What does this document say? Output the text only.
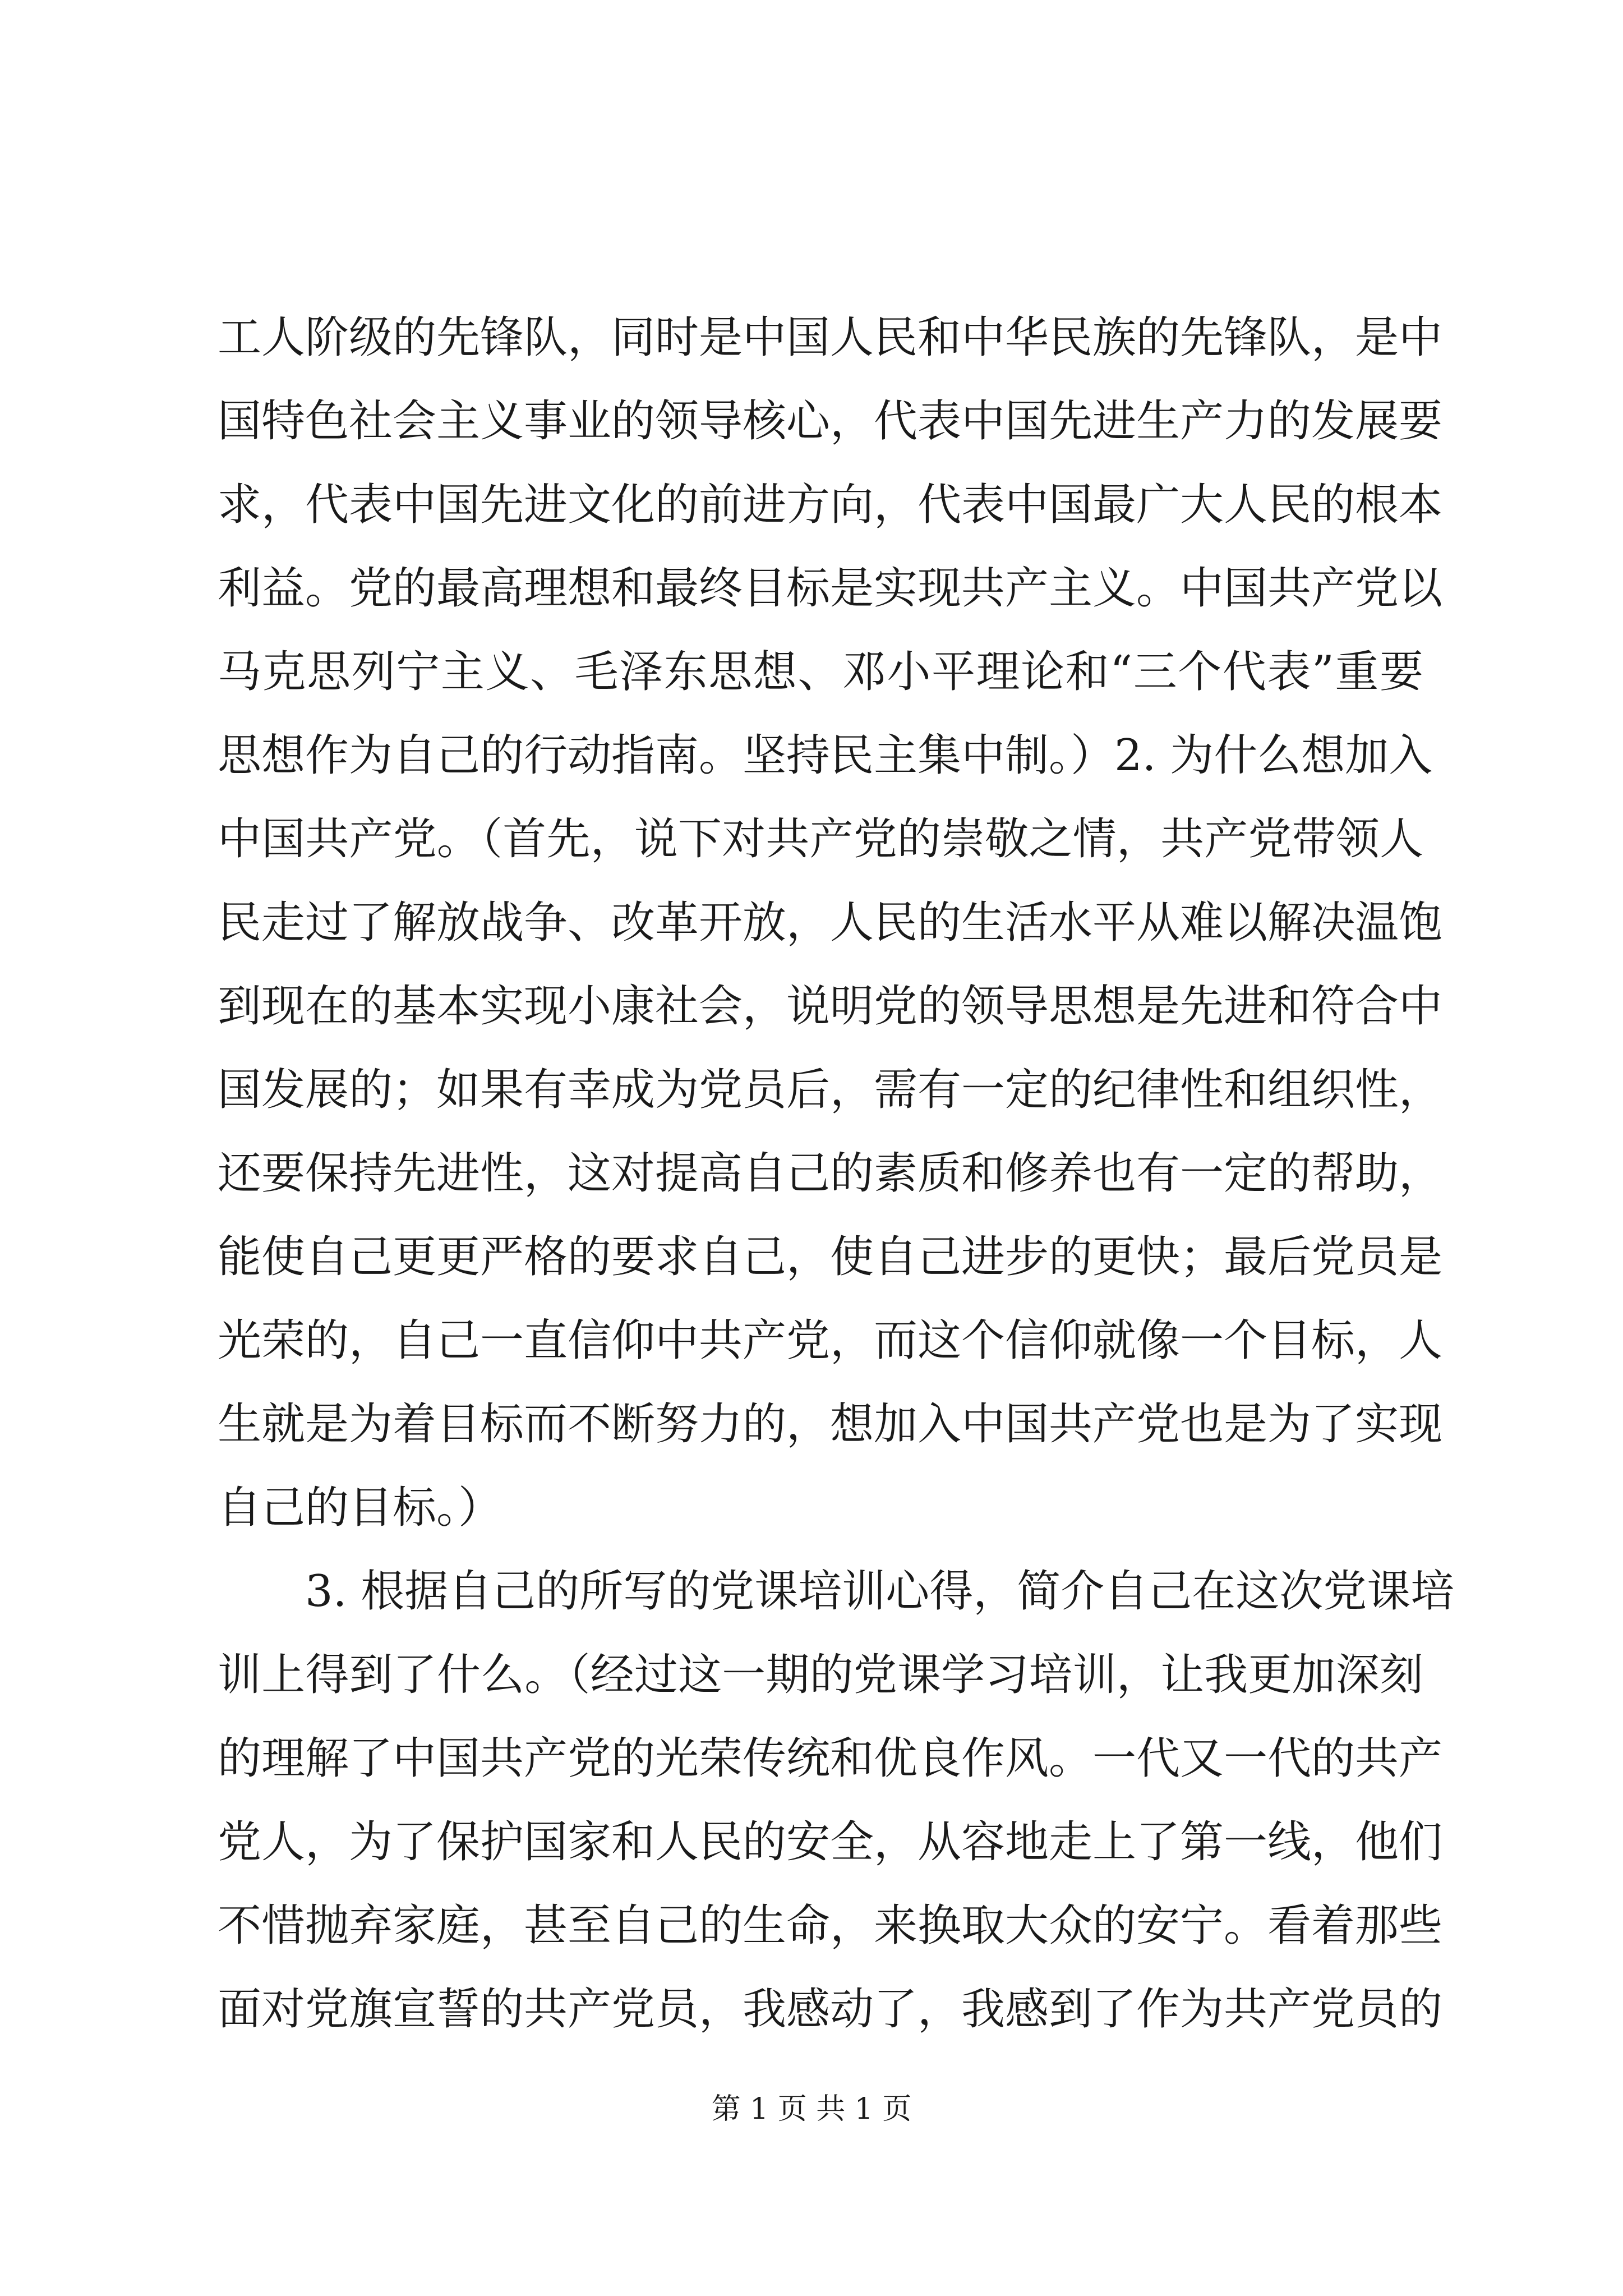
工人阶级的先锋队，同时是中国人民和中华民族的先锋队，是中
国特色社会主义事业的领导核心，代表中国先进生产力的发展要
求，代表中国先进文化的前进方向，代表中国最广大人民的根本
利益。党的最高理想和最终目标是实现共产主义。中国共产党以
马克思列宁主义、毛泽东思想、邓小平理论和“三个代表”重要
思想作为自己的行动指南。坚持民主集中制。）2. 为什么想加入
中国共产党。（首先，说下对共产党的崇敬之情，共产党带领人
民走过了解放战争、改革开放，人民的生活水平从难以解决温饱
到现在的基本实现小康社会，说明党的领导思想是先进和符合中
国发展的；如果有幸成为党员后，需有一定的纪律性和组织性，
还要保持先进性，这对提高自己的素质和修养也有一定的帮助，
能使自己更更严格的要求自己，使自己进步的更快；最后党员是
光荣的，自己一直信仰中共产党，而这个信仰就像一个目标，人
生就是为着目标而不断努力的，想加入中国共产党也是为了实现
自己的目标。）
3. 根据自己的所写的党课培训心得，简介自己在这次党课培
训上得到了什么。（经过这一期的党课学习培训，让我更加深刻
的理解了中国共产党的光荣传统和优良作风。一代又一代的共产
党人，为了保护国家和人民的安全，从容地走上了第一线，他们
不惜抛弃家庭，甚至自己的生命，来换取大众的安宁。看着那些
面对党旗宣誓的共产党员，我感动了，我感到了作为共产党员的
第 1 页 共 1 页
